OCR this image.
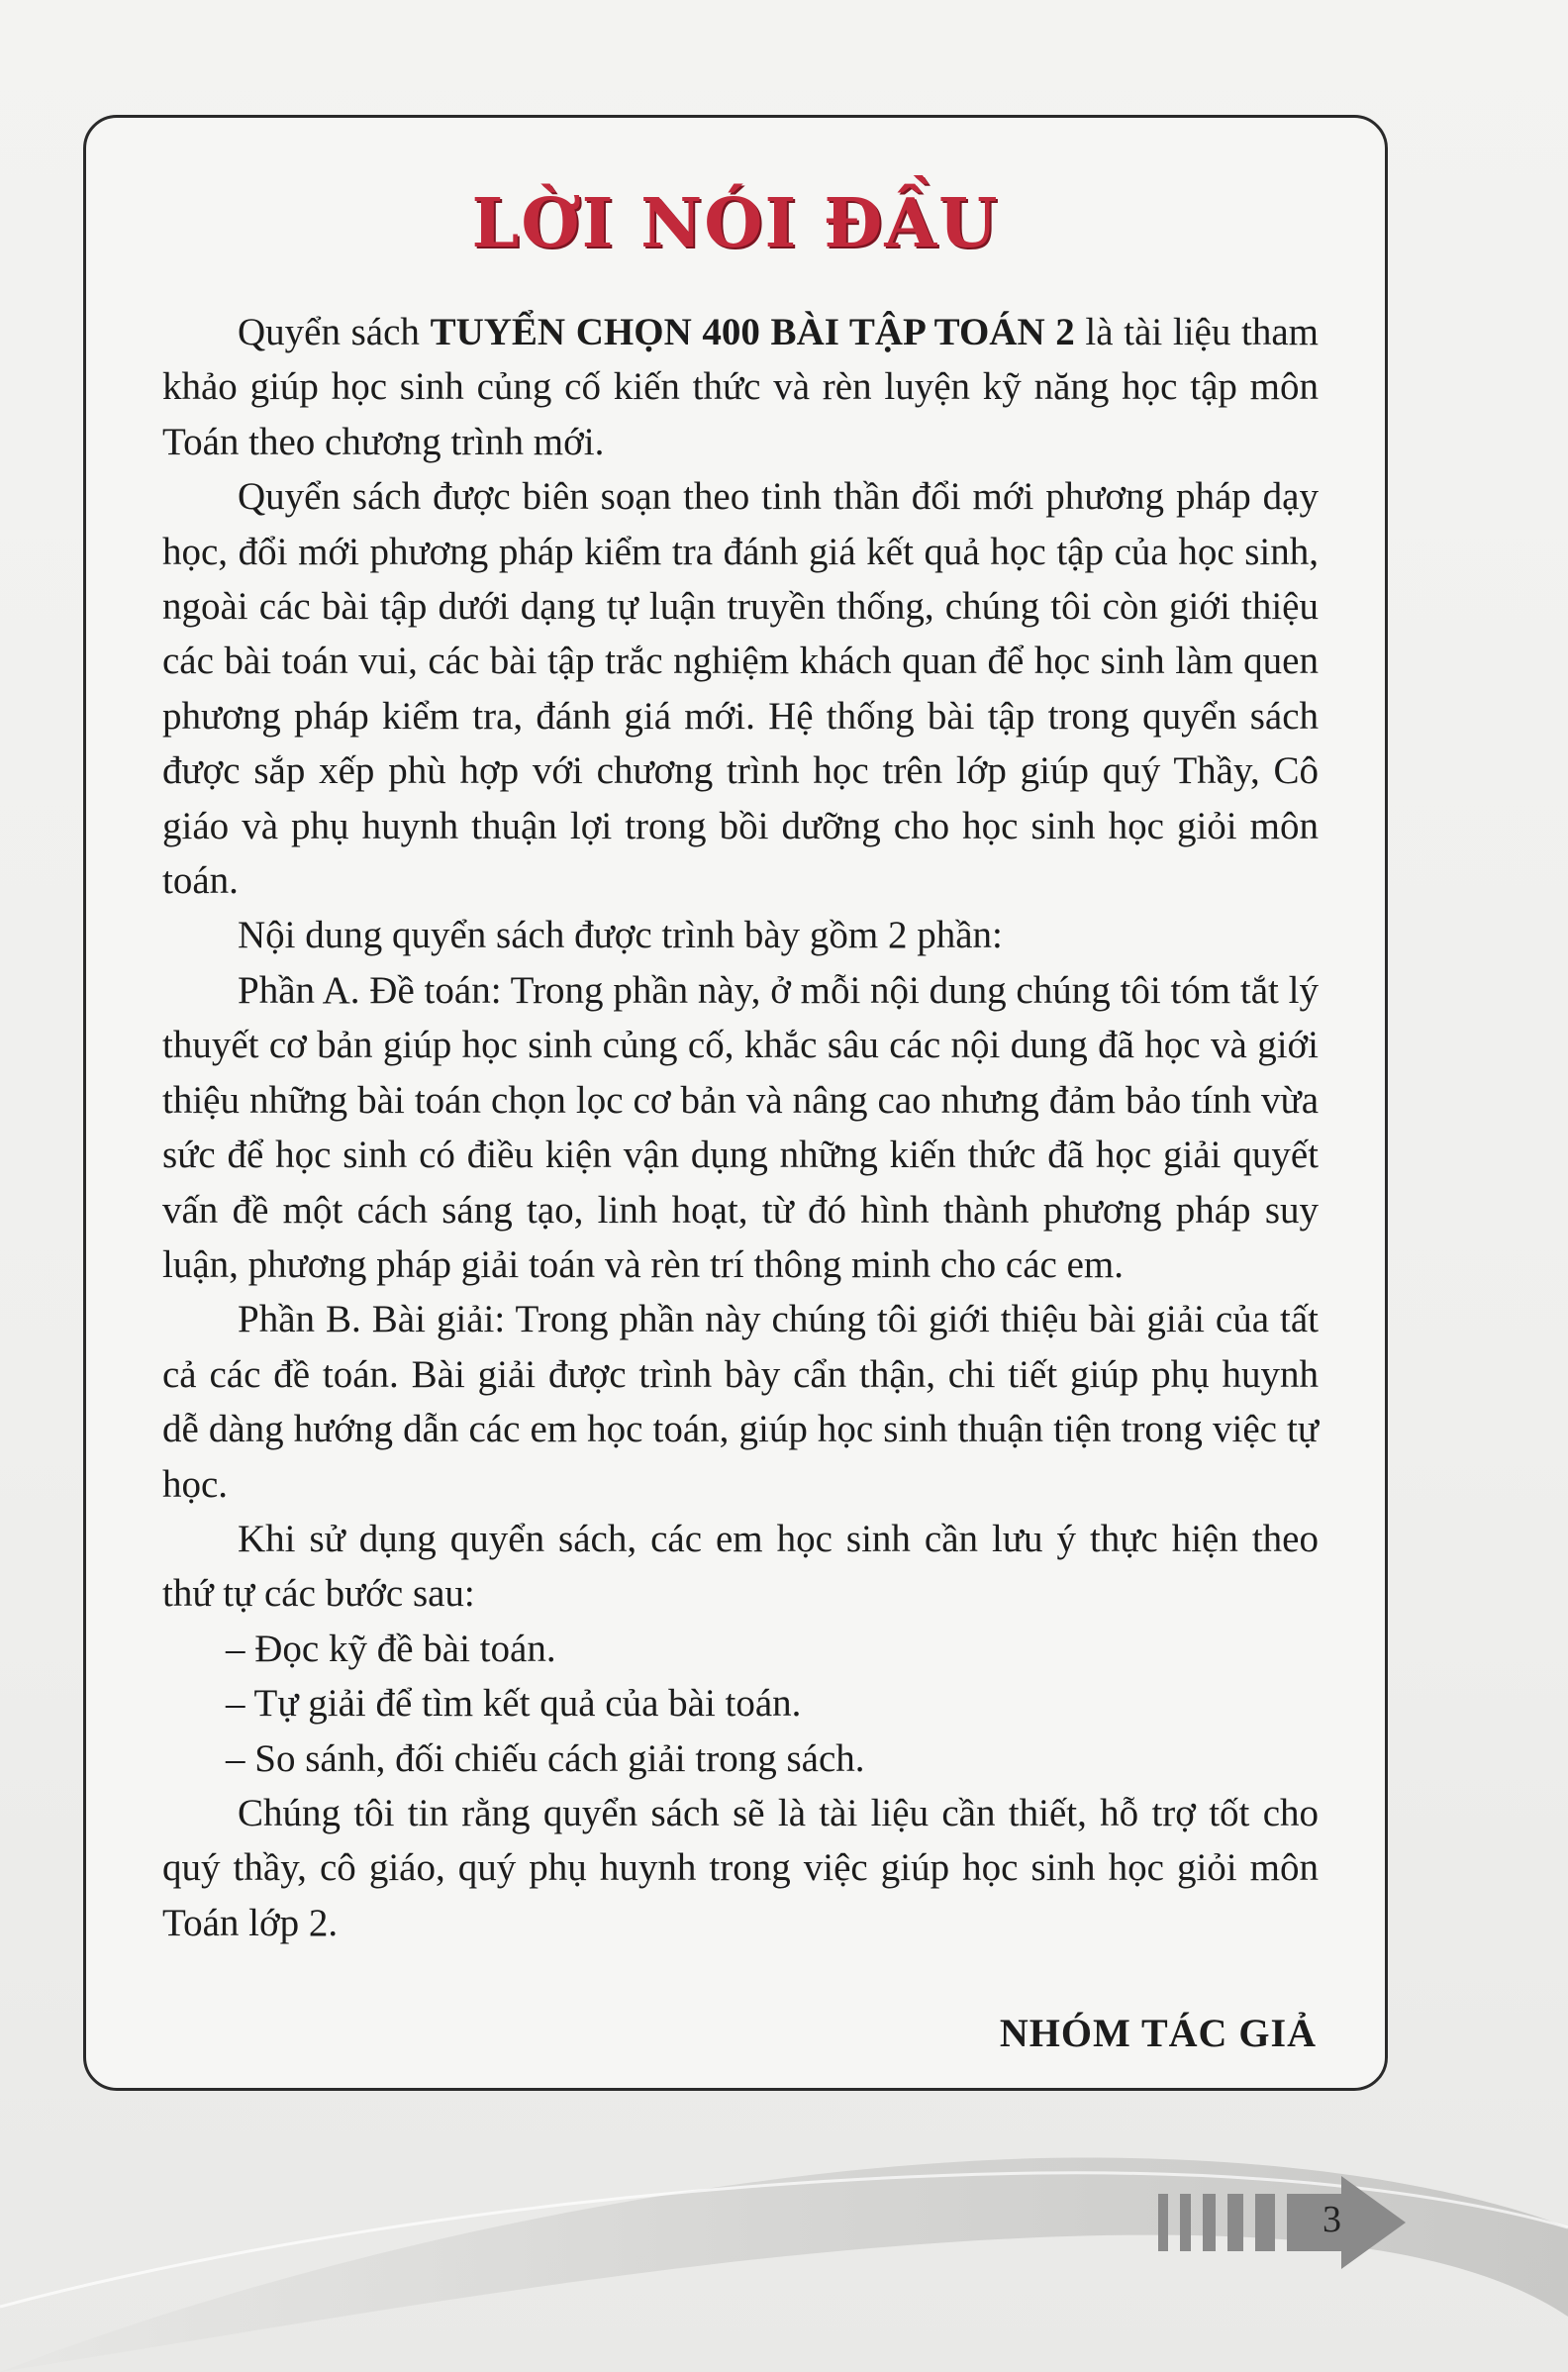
LỜI NÓI ĐẦU

Quyển sách TUYỂN CHỌN 400 BÀI TẬP TOÁN 2 là tài liệu tham khảo giúp học sinh củng cố kiến thức và rèn luyện kỹ năng học tập môn Toán theo chương trình mới.

Quyển sách được biên soạn theo tinh thần đổi mới phương pháp dạy học, đổi mới phương pháp kiểm tra đánh giá kết quả học tập của học sinh, ngoài các bài tập dưới dạng tự luận truyền thống, chúng tôi còn giới thiệu các bài toán vui, các bài tập trắc nghiệm khách quan để học sinh làm quen phương pháp kiểm tra, đánh giá mới. Hệ thống bài tập trong quyển sách được sắp xếp phù hợp với chương trình học trên lớp giúp quý Thầy, Cô giáo và phụ huynh thuận lợi trong bồi dưỡng cho học sinh học giỏi môn toán.

Nội dung quyển sách được trình bày gồm 2 phần:

Phần A. Đề toán: Trong phần này, ở mỗi nội dung chúng tôi tóm tắt lý thuyết cơ bản giúp học sinh củng cố, khắc sâu các nội dung đã học và giới thiệu những bài toán chọn lọc cơ bản và nâng cao nhưng đảm bảo tính vừa sức để học sinh có điều kiện vận dụng những kiến thức đã học giải quyết vấn đề một cách sáng tạo, linh hoạt, từ đó hình thành phương pháp suy luận, phương pháp giải toán và rèn trí thông minh cho các em.

Phần B. Bài giải: Trong phần này chúng tôi giới thiệu bài giải của tất cả các đề toán. Bài giải được trình bày cẩn thận, chi tiết giúp phụ huynh dễ dàng hướng dẫn các em học toán, giúp học sinh thuận tiện trong việc tự học.

Khi sử dụng quyển sách, các em học sinh cần lưu ý thực hiện theo thứ tự các bước sau:

– Đọc kỹ đề bài toán.

– Tự giải để tìm kết quả của bài toán.

– So sánh, đối chiếu cách giải trong sách.

Chúng tôi tin rằng quyển sách sẽ là tài liệu cần thiết, hỗ trợ tốt cho quý thầy, cô giáo, quý phụ huynh trong việc giúp học sinh học giỏi môn Toán lớp 2.

NHÓM TÁC GIẢ
3
